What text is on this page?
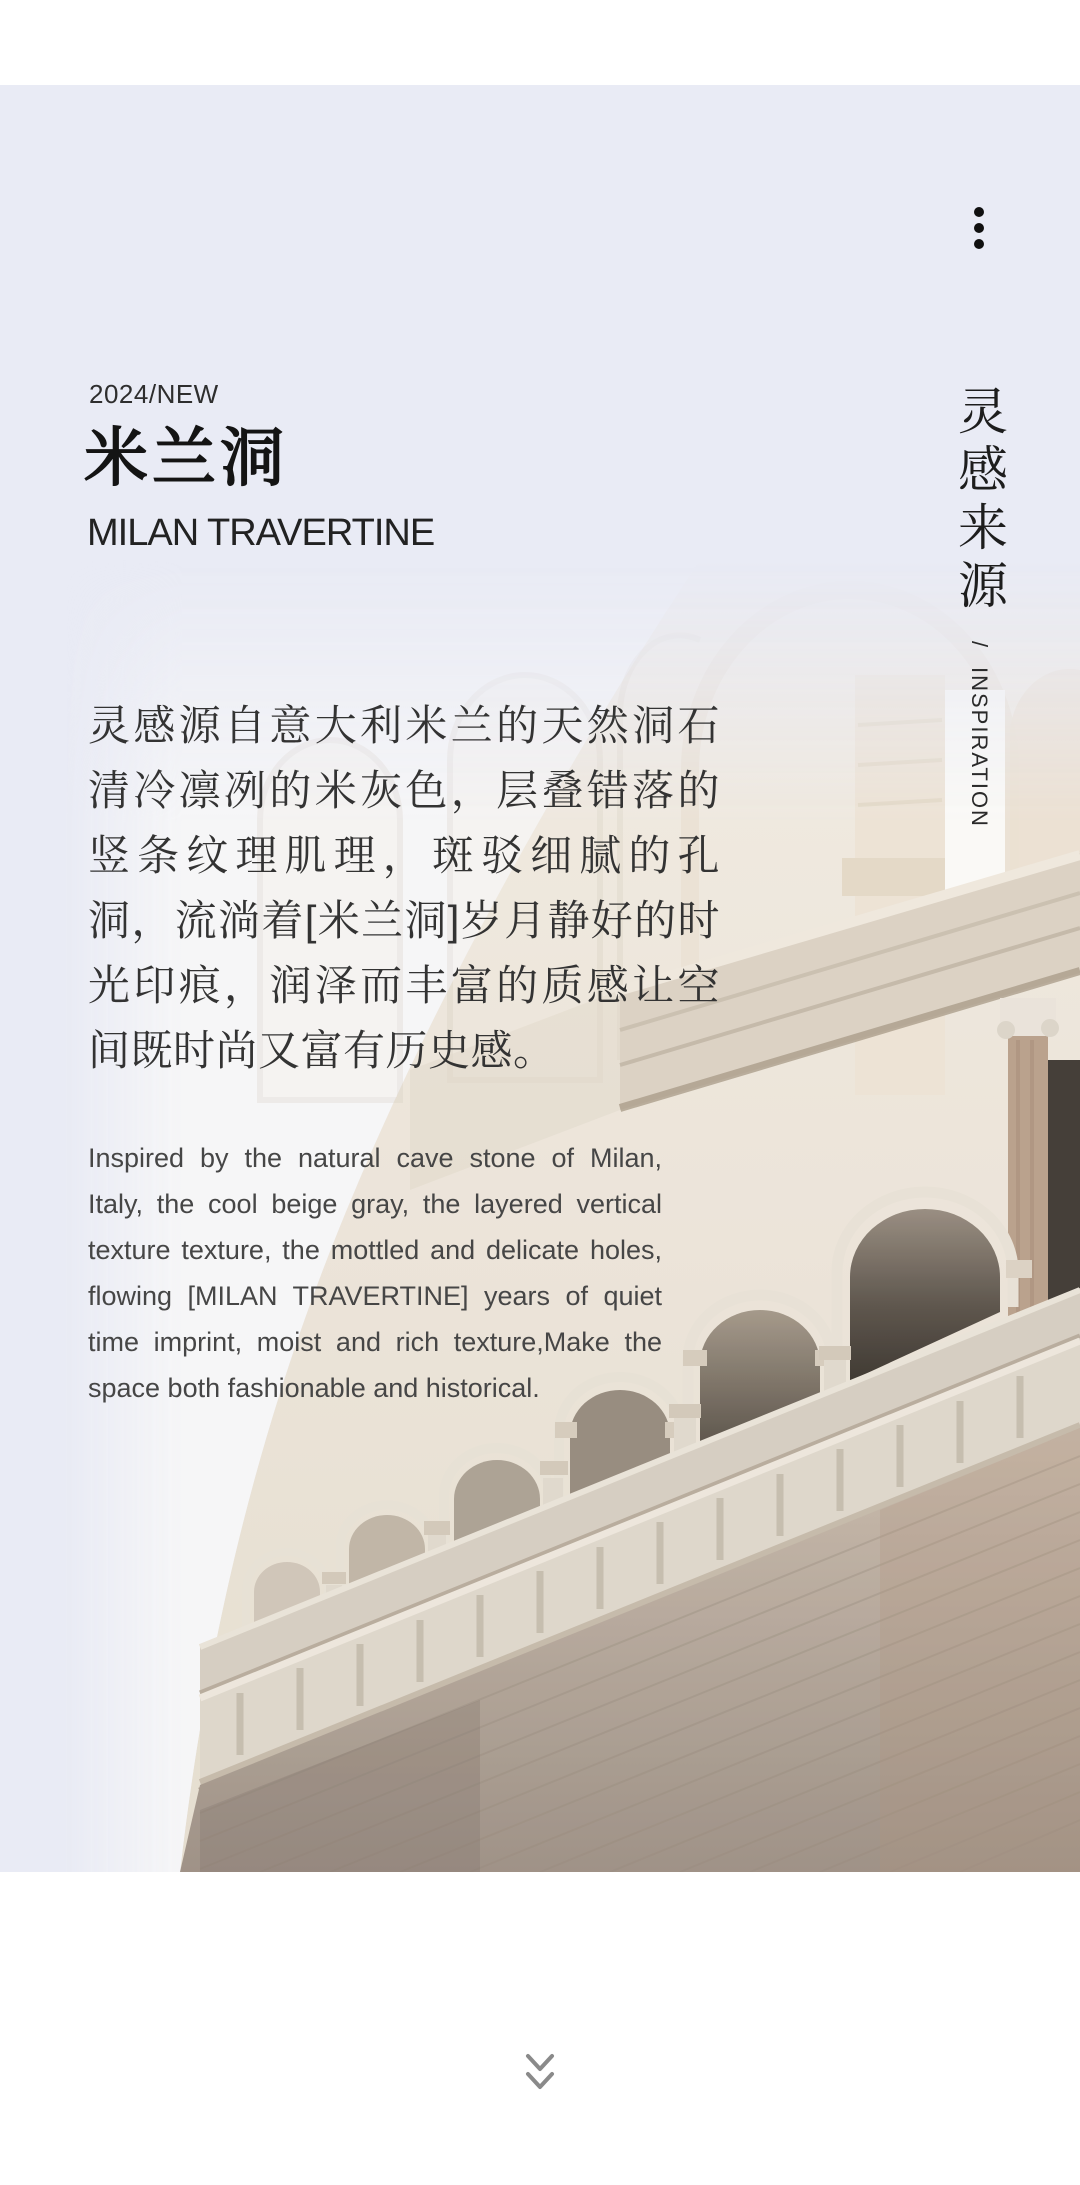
2024/NEW
米兰洞
MILAN TRAVERTINE	灵感来源
/
INSPIRATION

灵感源自意大利米兰的天然洞石清冷凛冽的米灰色，层叠错落的竖条纹理肌理，斑驳细腻的孔洞，流淌着[米兰洞]岁月静好的时光印痕，润泽而丰富的质感让空间既时尚又富有历史感。

Inspired by the natural cave stone of Milan, Italy, the cool beige gray, the layered vertical texture texture, the mottled and delicate holes, flowing [MILAN TRAVERTINE] years of quiet time imprint, moist and rich texture,Make the space both fashionable and historical.
